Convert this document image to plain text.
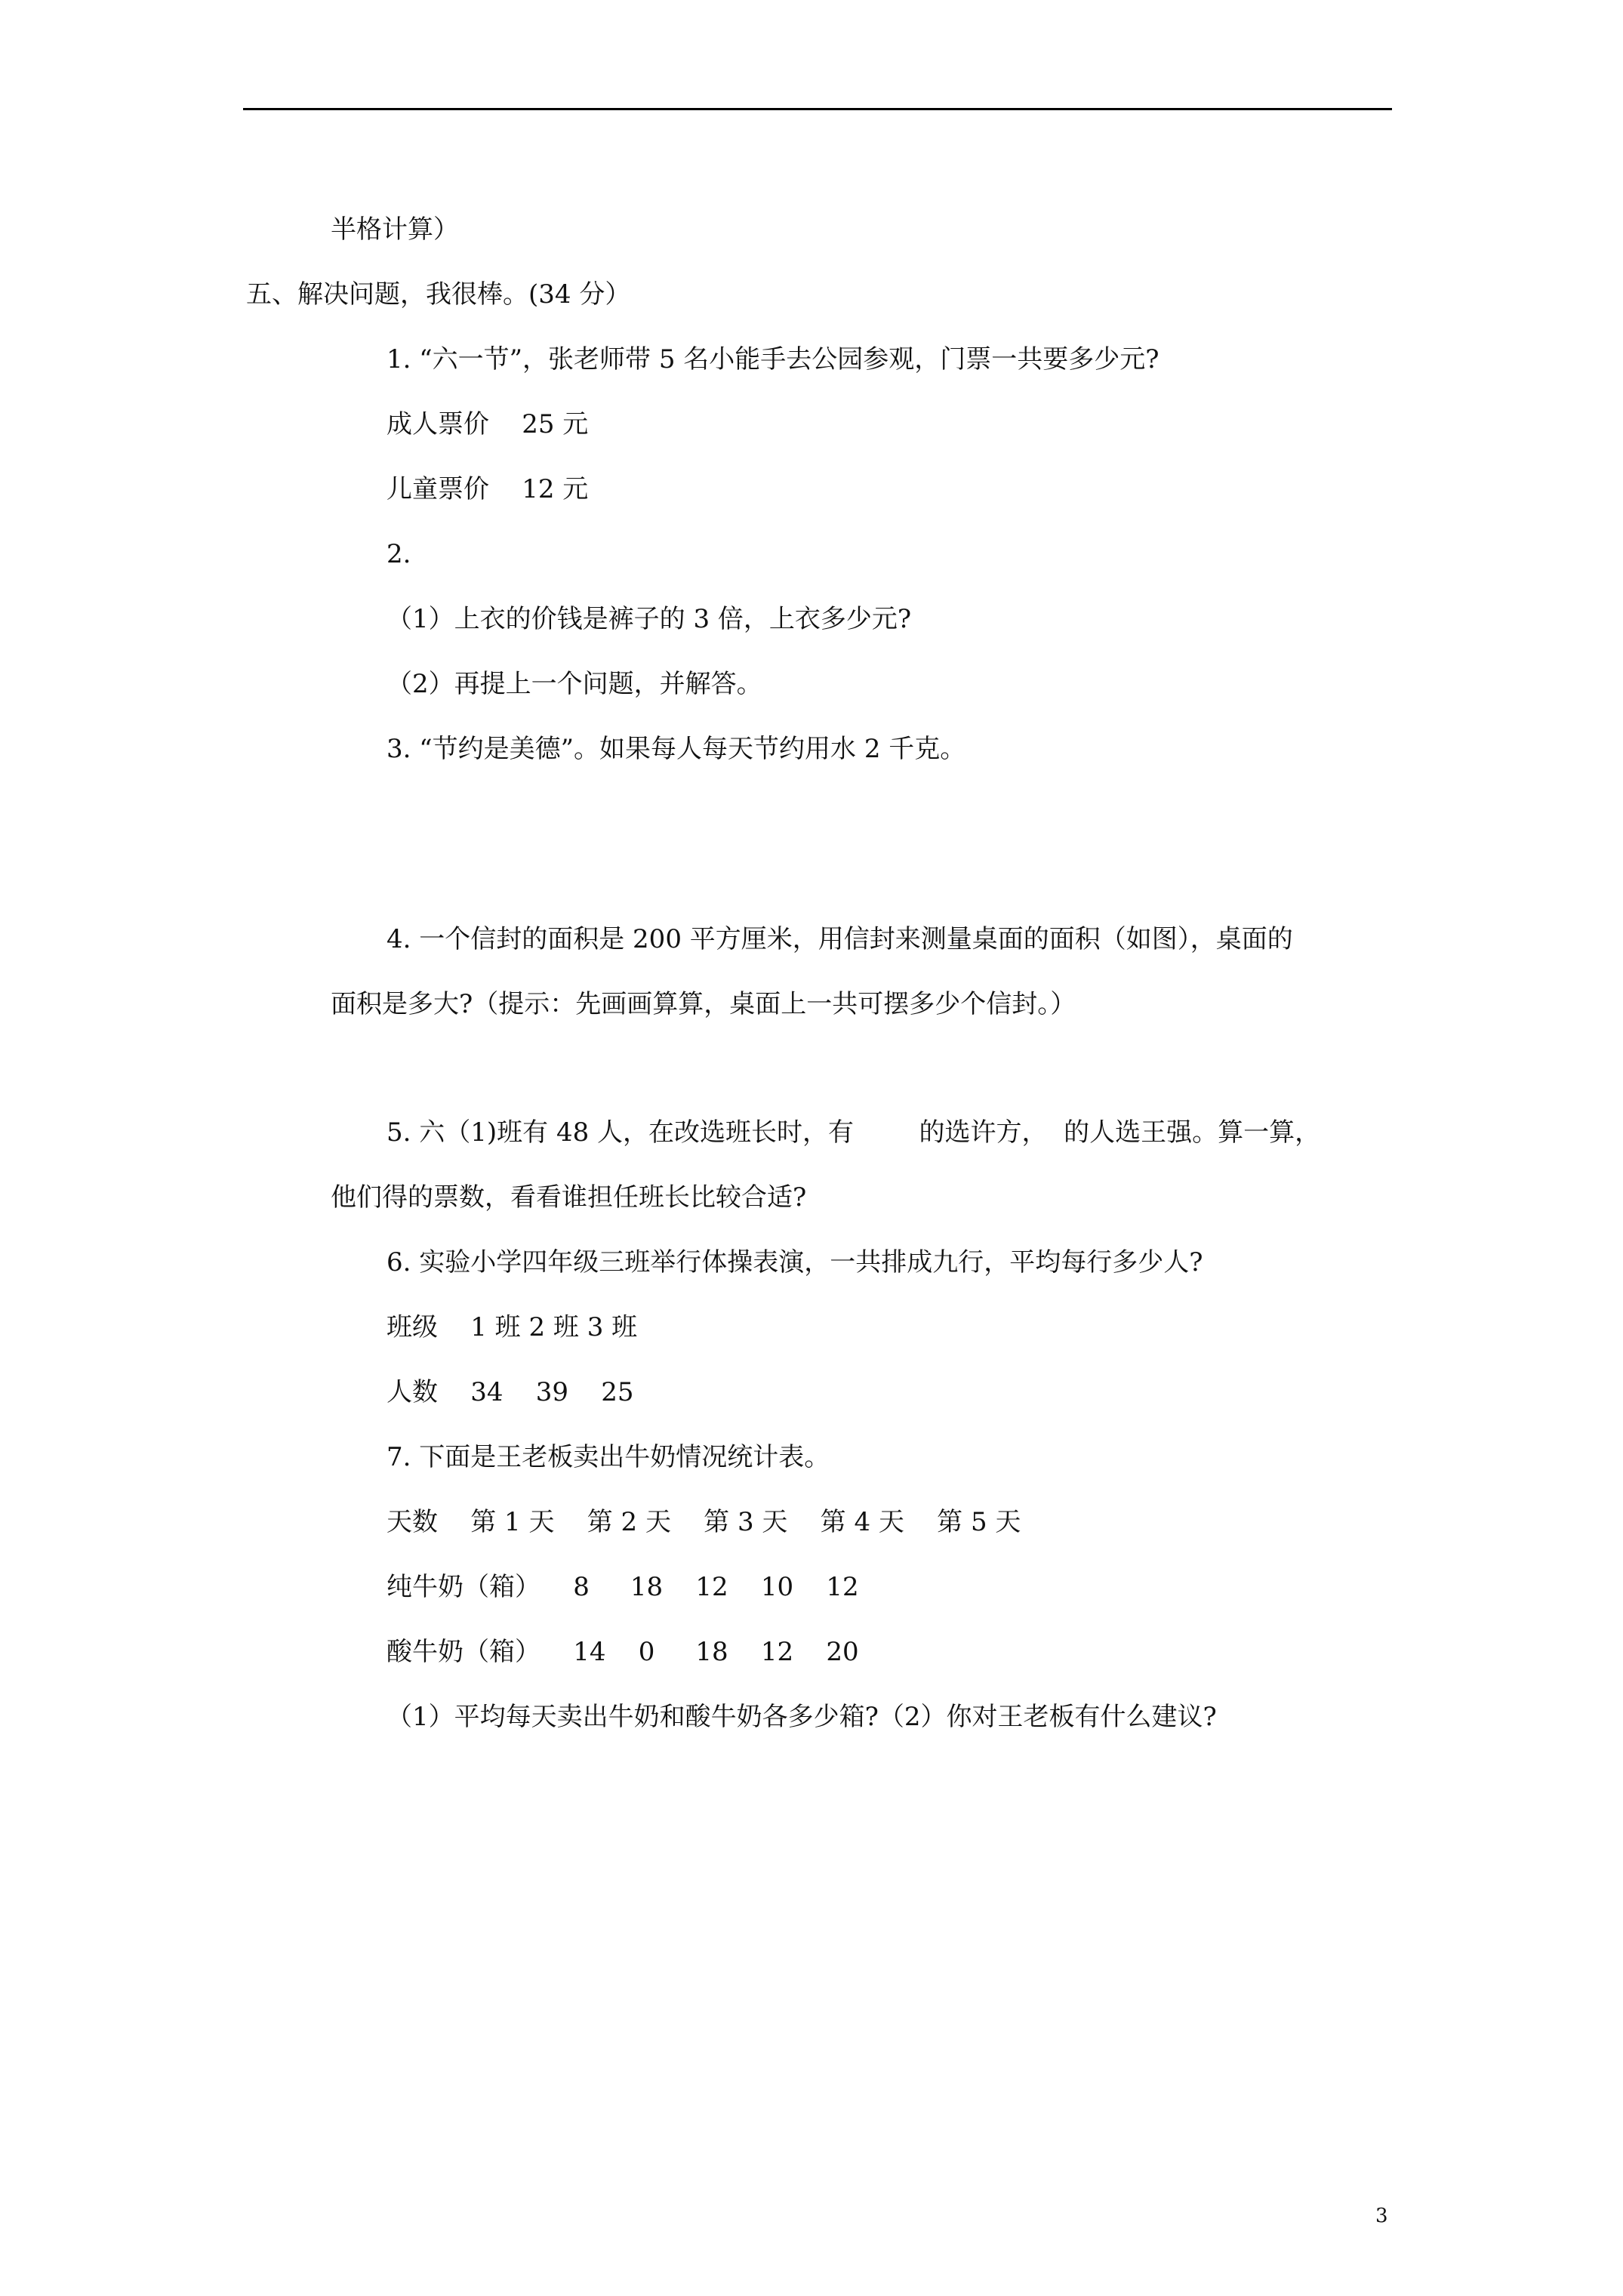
半格计算）
五、解决问题，我很棒。(34 分）
1. “六一节”，张老师带 5 名小能手去公园参观，门票一共要多少元?
成人票价    25 元
儿童票价    12 元
2.
（1）上衣的价钱是裤子的 3 倍，上衣多少元?
（2）再提上一个问题，并解答。
3. “节约是美德”。如果每人每天节约用水 2 千克。
4. 一个信封的面积是 200 平方厘米，用信封来测量桌面的面积（如图），桌面的
面积是多大?（提示：先画画算算，桌面上一共可摆多少个信封。）
5. 六（1)班有 48 人，在改选班长时，有        的选许方，  的人选王强。算一算，
他们得的票数，看看谁担任班长比较合适?
6. 实验小学四年级三班举行体操表演，一共排成九行，平均每行多少人?
班级    1 班 2 班 3 班
人数    34    39    25
7. 下面是王老板卖出牛奶情况统计表。
天数    第 1 天    第 2 天    第 3 天    第 4 天    第 5 天
纯牛奶（箱）    8     18    12    10    12
酸牛奶（箱）    14    0     18    12    20
（1）平均每天卖出牛奶和酸牛奶各多少箱?（2）你对王老板有什么建议?
3
